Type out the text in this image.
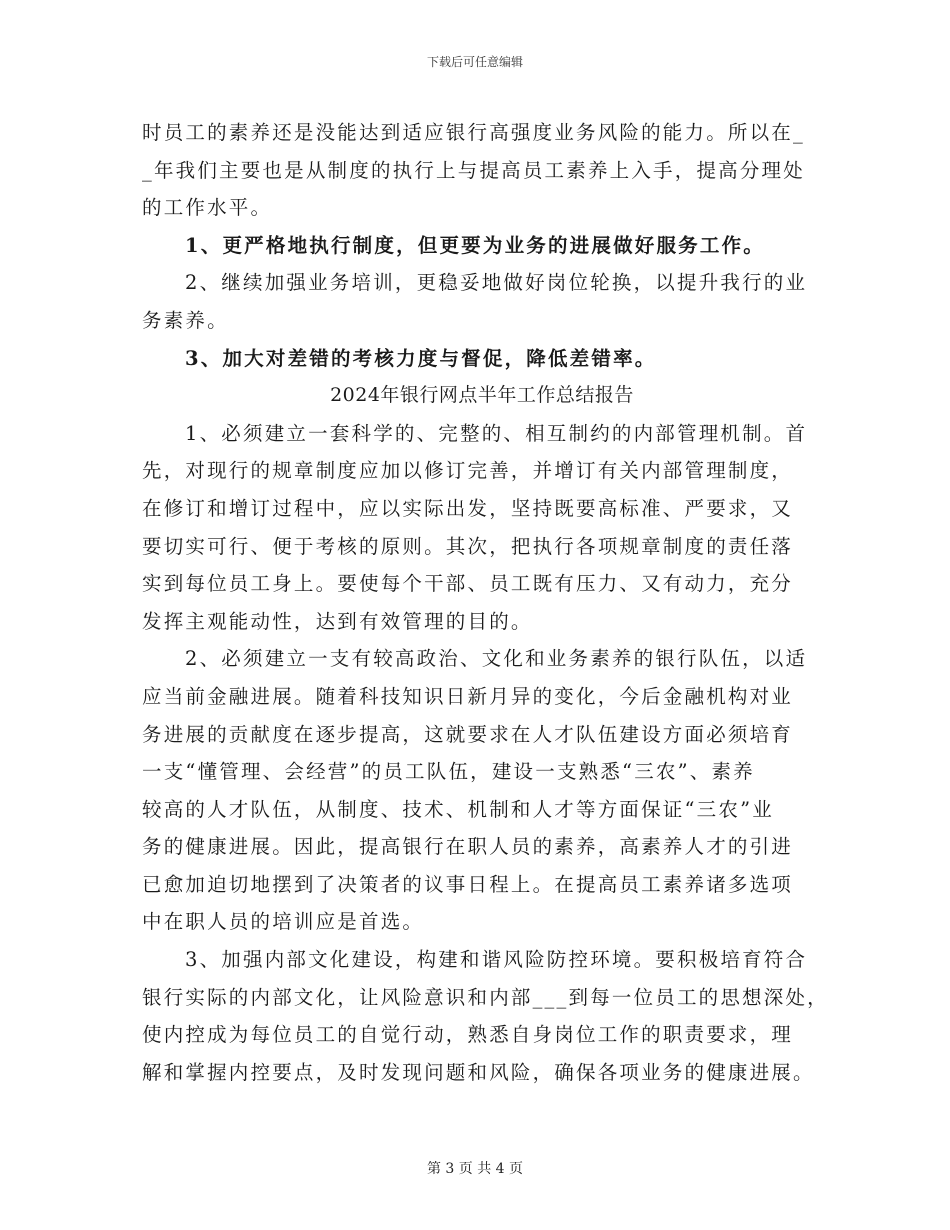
下载后可任意编辑
时员工的素养还是没能达到适应银行高强度业务风险的能力。所以在_
_年我们主要也是从制度的执行上与提高员工素养上入手，提高分理处
的工作水平。
1、更严格地执行制度，但更要为业务的进展做好服务工作。
2、继续加强业务培训，更稳妥地做好岗位轮换，以提升我行的业
务素养。
3、加大对差错的考核力度与督促，降低差错率。
2024年银行网点半年工作总结报告
1、必须建立一套科学的、完整的、相互制约的内部管理机制。首
先，对现行的规章制度应加以修订完善，并增订有关内部管理制度，
在修订和增订过程中，应以实际出发，坚持既要高标准、严要求，又
要切实可行、便于考核的原则。其次，把执行各项规章制度的责任落
实到每位员工身上。要使每个干部、员工既有压力、又有动力，充分
发挥主观能动性，达到有效管理的目的。
2、必须建立一支有较高政治、文化和业务素养的银行队伍，以适
应当前金融进展。随着科技知识日新月异的变化，今后金融机构对业
务进展的贡献度在逐步提高，这就要求在人才队伍建设方面必须培育
一支“懂管理、会经营”的员工队伍，建设一支熟悉“三农”、素养
较高的人才队伍，从制度、技术、机制和人才等方面保证“三农”业
务的健康进展。因此，提高银行在职人员的素养，高素养人才的引进
已愈加迫切地摆到了决策者的议事日程上。在提高员工素养诸多选项
中在职人员的培训应是首选。
3、加强内部文化建设，构建和谐风险防控环境。要积极培育符合
银行实际的内部文化，让风险意识和内部___到每一位员工的思想深处，
使内控成为每位员工的自觉行动，熟悉自身岗位工作的职责要求，理
解和掌握内控要点，及时发现问题和风险，确保各项业务的健康进展。
第 3 页 共 4 页
